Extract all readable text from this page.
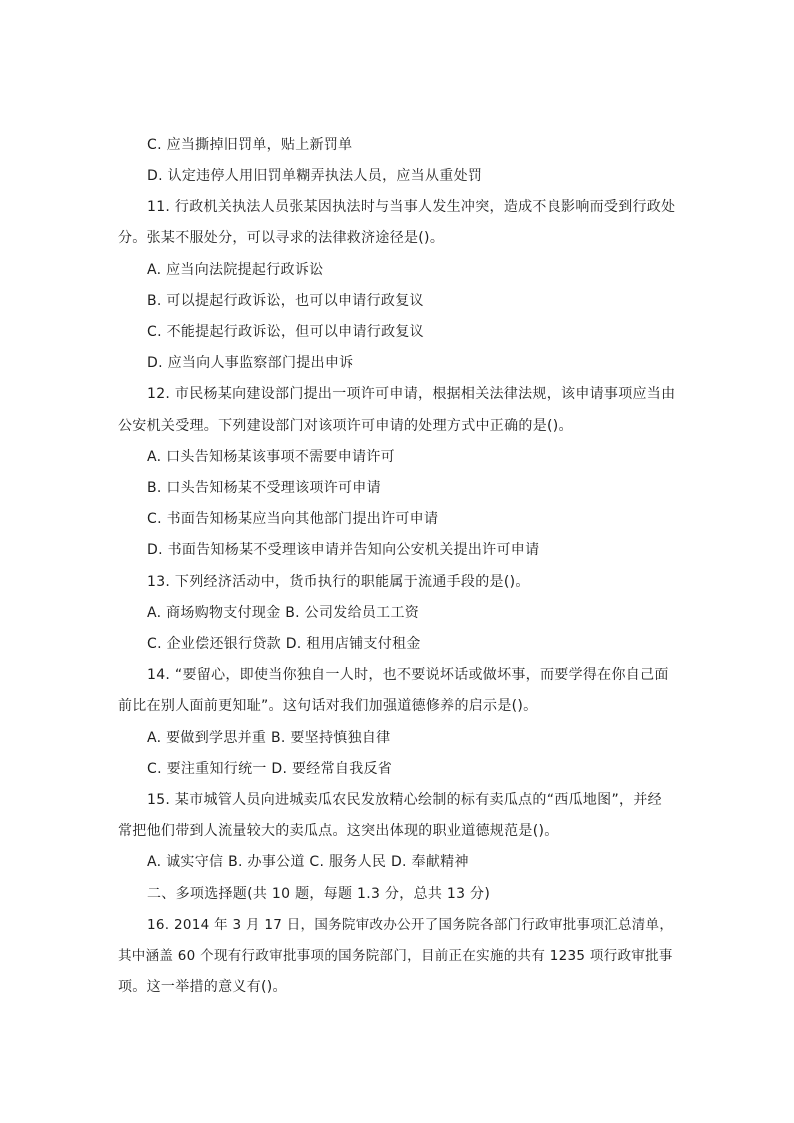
C. 应当撕掉旧罚单，贴上新罚单
D. 认定违停人用旧罚单糊弄执法人员，应当从重处罚
11. 行政机关执法人员张某因执法时与当事人发生冲突，造成不良影响而受到行政处
分。张某不服处分，可以寻求的法律救济途径是()。
A. 应当向法院提起行政诉讼
B. 可以提起行政诉讼，也可以申请行政复议
C. 不能提起行政诉讼，但可以申请行政复议
D. 应当向人事监察部门提出申诉
12. 市民杨某向建设部门提出一项许可申请，根据相关法律法规，该申请事项应当由
公安机关受理。下列建设部门对该项许可申请的处理方式中正确的是()。
A. 口头告知杨某该事项不需要申请许可
B. 口头告知杨某不受理该项许可申请
C. 书面告知杨某应当向其他部门提出许可申请
D. 书面告知杨某不受理该申请并告知向公安机关提出许可申请
13. 下列经济活动中，货币执行的职能属于流通手段的是()。
A. 商场购物支付现金 B. 公司发给员工工资
C. 企业偿还银行贷款 D. 租用店铺支付租金
14. “要留心，即使当你独自一人时，也不要说坏话或做坏事，而要学得在你自己面
前比在别人面前更知耻”。这句话对我们加强道德修养的启示是()。
A. 要做到学思并重 B. 要坚持慎独自律
C. 要注重知行统一 D. 要经常自我反省
15. 某市城管人员向进城卖瓜农民发放精心绘制的标有卖瓜点的“西瓜地图”，并经
常把他们带到人流量较大的卖瓜点。这突出体现的职业道德规范是()。
A. 诚实守信 B. 办事公道 C. 服务人民 D. 奉献精神
二、多项选择题(共 10 题，每题 1.3 分，总共 13 分)
16. 2014 年 3 月 17 日，国务院审改办公开了国务院各部门行政审批事项汇总清单，
其中涵盖 60 个现有行政审批事项的国务院部门，目前正在实施的共有 1235 项行政审批事
项。这一举措的意义有()。
